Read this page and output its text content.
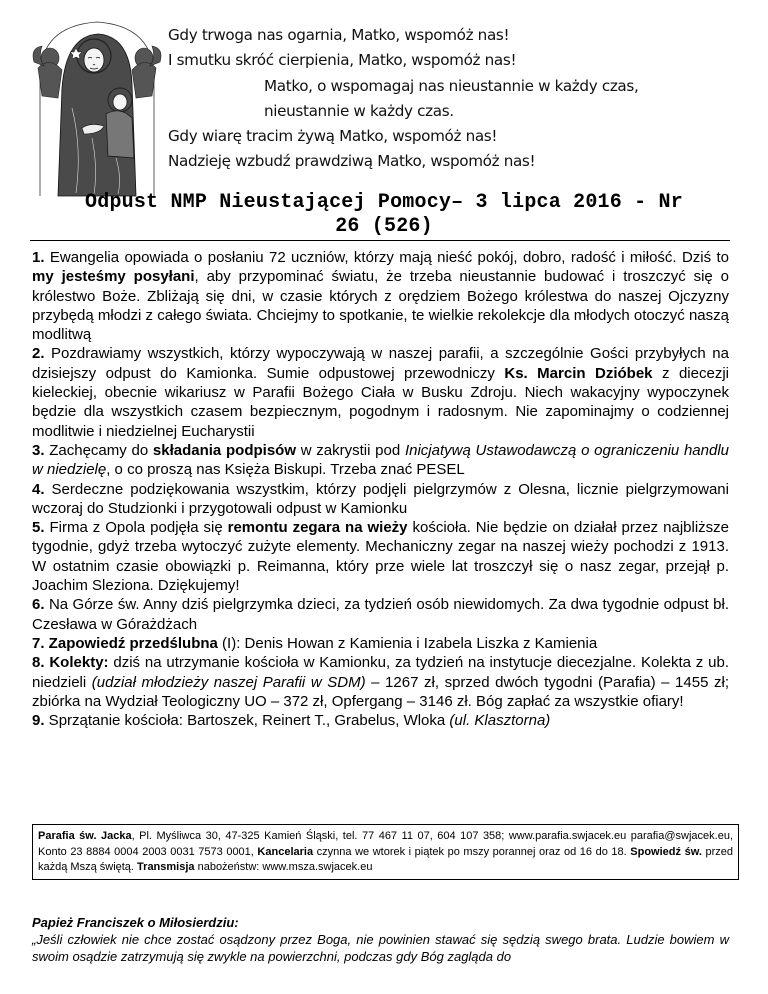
Gdy trwoga nas ogarnia, Matko, wspomóż nas!
I smutku skróć cierpienia, Matko, wspomóż nas!
Matko, o wspomagaj nas nieustannie w każdy czas,
nieustannie w każdy czas.
Gdy wiarę tracim żywą Matko, wspomóż nas!
Nadzieję wzbudź prawdziwą Matko, wspomóż nas!
Odpust NMP Nieustającej Pomocy– 3 lipca 2016 - Nr
26 (526)

1. Ewangelia opowiada o posłaniu 72 uczniów, którzy mają nieść pokój, dobro, radość i miłość. Dziś to my jesteśmy posyłani, aby przypominać światu, że trzeba nieustannie budować i troszczyć się o królestwo Boże. Zbliżają się dni, w czasie których z orędziem Bożego królestwa do naszej Ojczyzny przybędą młodzi z całego świata. Chciejmy to spotkanie, te wielkie rekolekcje dla młodych otoczyć naszą modlitwą

2. Pozdrawiamy wszystkich, którzy wypoczywają w naszej parafii, a szczególnie Gości przybyłych na dzisiejszy odpust do Kamionka. Sumie odpustowej przewodniczy Ks. Marcin Dzióbek z diecezji kieleckiej, obecnie wikariusz w Parafii Bożego Ciała w Busku Zdroju. Niech wakacyjny wypoczynek będzie dla wszystkich czasem bezpiecznym, pogodnym i radosnym. Nie zapominajmy o codziennej modlitwie i niedzielnej Eucharystii

3. Zachęcamy do składania podpisów w zakrystii pod Inicjatywą Ustawodawczą o ograniczeniu handlu w niedzielę, o co proszą nas Księża Biskupi. Trzeba znać PESEL

4. Serdeczne podziękowania wszystkim, którzy podjęli pielgrzymów z Olesna, licznie pielgrzymowani wczoraj do Studzionki i przygotowali odpust w Kamionku

5. Firma z Opola podjęła się remontu zegara na wieży kościoła. Nie będzie on działał przez najbliższe tygodnie, gdyż trzeba wytoczyć zużyte elementy. Mechaniczny zegar na naszej wieży pochodzi z 1913. W ostatnim czasie obowiązki p. Reimanna, który prze wiele lat troszczył się o nasz zegar, przejął p. Joachim Sleziona. Dziękujemy!

6. Na Górze św. Anny dziś pielgrzymka dzieci, za tydzień osób niewidomych. Za dwa tygodnie odpust bł. Czesława w Górażdżach

7. Zapowiedź przedślubna (I): Denis Howan z Kamienia i Izabela Liszka z Kamienia

8. Kolekty: dziś na utrzymanie kościoła w Kamionku, za tydzień na instytucje diecezjalne. Kolekta z ub. niedzieli (udział młodzieży naszej Parafii w SDM) – 1267 zł, sprzed dwóch tygodni (Parafia) – 1455 zł; zbiórka na Wydział Teologiczny UO – 372 zł, Opfergang – 3146 zł. Bóg zapłać za wszystkie ofiary!

9. Sprzątanie kościoła: Bartoszek, Reinert T., Grabelus, Wloka (ul. Klasztorna)

Parafia św. Jacka, Pl. Myśliwca 30, 47-325 Kamień Śląski, tel. 77 467 11 07, 604 107 358; www.parafia.swjacek.eu parafia@swjacek.eu, Konto 23 8884 0004 2003 0031 7573 0001, Kancelaria czynna we wtorek i piątek po mszy porannej oraz od 16 do 18. Spowiedź św. przed każdą Mszą świętą. Transmisja nabożeństw: www.msza.swjacek.eu
Papież Franciszek o Miłosierdziu:
„Jeśli człowiek nie chce zostać osądzony przez Boga, nie powinien stawać się sędzią swego brata. Ludzie bowiem w swoim osądzie zatrzymują się zwykle na powierzchni, podczas gdy Bóg zagląda do
